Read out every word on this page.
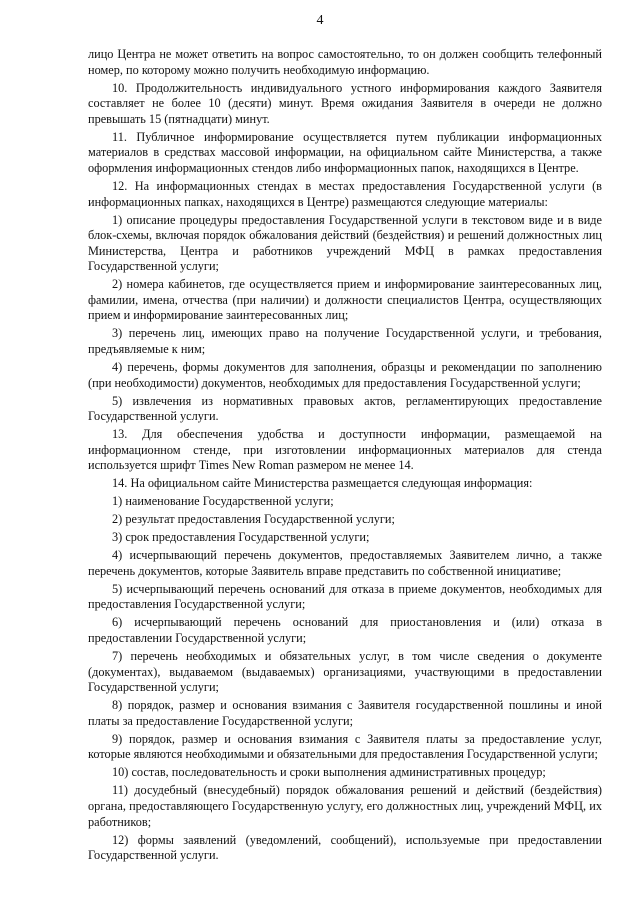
4

лицо Центра не может ответить на вопрос самостоятельно, то он должен сообщить телефонный номер, по которому можно получить необходимую информацию.

10. Продолжительность индивидуального устного информирования каждого Заявителя составляет не более 10 (десяти) минут. Время ожидания Заявителя в очереди не должно превышать 15 (пятнадцати) минут.

11. Публичное информирование осуществляется путем публикации информационных материалов в средствах массовой информации, на официальном сайте Министерства, а также оформления информационных стендов либо информационных папок, находящихся в Центре.

12. На информационных стендах в местах предоставления Государственной услуги (в информационных папках, находящихся в Центре) размещаются следующие материалы:

1) описание процедуры предоставления Государственной услуги в текстовом виде и в виде блок-схемы, включая порядок обжалования действий (бездействия) и решений должностных лиц Министерства, Центра и работников учреждений МФЦ в рамках предоставления Государственной услуги;

2) номера кабинетов, где осуществляется прием и информирование заинтересованных лиц, фамилии, имена, отчества (при наличии) и должности специалистов Центра, осуществляющих прием и информирование заинтересованных лиц;

3) перечень лиц, имеющих право на получение Государственной услуги, и требования, предъявляемые к ним;

4) перечень, формы документов для заполнения, образцы и рекомендации по заполнению (при необходимости) документов, необходимых для предоставления Государственной услуги;

5) извлечения из нормативных правовых актов, регламентирующих предоставление Государственной услуги.

13. Для обеспечения удобства и доступности информации, размещаемой на информационном стенде, при изготовлении информационных материалов для стенда используется шрифт Times New Roman размером не менее 14.

14. На официальном сайте Министерства размещается следующая информация:

1) наименование Государственной услуги;

2) результат предоставления Государственной услуги;

3) срок предоставления Государственной услуги;

4) исчерпывающий перечень документов, предоставляемых Заявителем лично, а также перечень документов, которые Заявитель вправе представить по собственной инициативе;

5) исчерпывающий перечень оснований для отказа в приеме документов, необходимых для предоставления Государственной услуги;

6) исчерпывающий перечень оснований для приостановления и (или) отказа в предоставлении Государственной услуги;

7) перечень необходимых и обязательных услуг, в том числе сведения о документе (документах), выдаваемом (выдаваемых) организациями, участвующими в предоставлении Государственной услуги;

8) порядок, размер и основания взимания с Заявителя государственной пошлины и иной платы за предоставление Государственной услуги;

9) порядок, размер и основания взимания с Заявителя платы за предоставление услуг, которые являются необходимыми и обязательными для предоставления Государственной услуги;

10) состав, последовательность и сроки выполнения административных процедур;

11) досудебный (внесудебный) порядок обжалования решений и действий (бездействия) органа, предоставляющего Государственную услугу, его должностных лиц, учреждений МФЦ, их работников;

12) формы заявлений (уведомлений, сообщений), используемые при предоставлении Государственной услуги.
